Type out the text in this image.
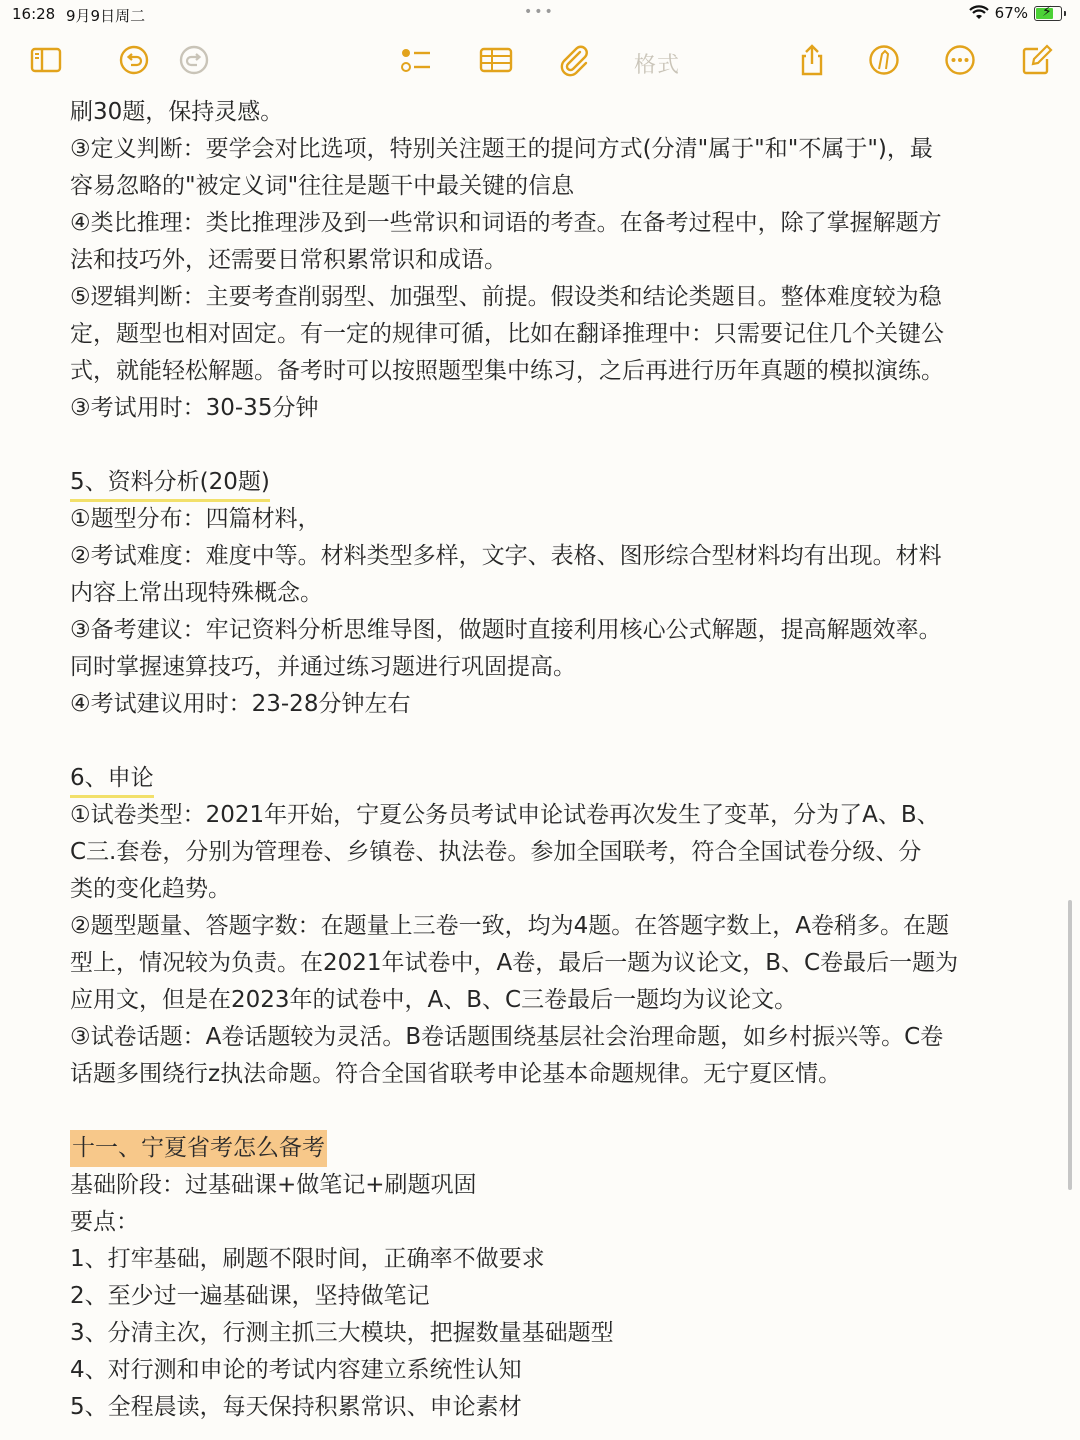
16:28 9月9日周二	•••	67% ⚡
格式
刷30题，保持灵感。
③定义判断：要学会对比选项，特别关注题王的提问方式(分清"属于"和"不属于")，最
容易忽略的"被定义词"往往是题干中最关键的信息
④类比推理：类比推理涉及到一些常识和词语的考查。在备考过程中，除了掌握解题方
法和技巧外，还需要日常积累常识和成语。
⑤逻辑判断：主要考查削弱型、加强型、前提。假设类和结论类题目。整体难度较为稳
定，题型也相对固定。有一定的规律可循，比如在翻译推理中：只需要记住几个关键公
式，就能轻松解题。备考时可以按照题型集中练习，之后再进行历年真题的模拟演练。
③考试用时：30-35分钟
5、资料分析(20题)
①题型分布：四篇材料，
②考试难度：难度中等。材料类型多样，文字、表格、图形综合型材料均有出现。材料
内容上常出现特殊概念。
③备考建议：牢记资料分析思维导图，做题时直接利用核心公式解题，提高解题效率。
同时掌握速算技巧，并通过练习题进行巩固提高。
④考试建议用时：23-28分钟左右
6、申论
①试卷类型：2021年开始，宁夏公务员考试申论试卷再次发生了变革，分为了A、B、
C三.套卷，分别为管理卷、乡镇卷、执法卷。参加全国联考，符合全国试卷分级、分
类的变化趋势。
②题型题量、答题字数：在题量上三卷一致，均为4题。在答题字数上，A卷稍多。在题
型上，情况较为负责。在2021年试卷中，A卷，最后一题为议论文，B、C卷最后一题为
应用文，但是在2023年的试卷中，A、B、C三卷最后一题均为议论文。
③试卷话题：A卷话题较为灵活。B卷话题围绕基层社会治理命题，如乡村振兴等。C卷
话题多围绕行z执法命题。符合全国省联考申论基本命题规律。无宁夏区情。
十一、宁夏省考怎么备考
基础阶段：过基础课+做笔记+刷题巩固
要点：
1、打牢基础，刷题不限时间，正确率不做要求
2、至少过一遍基础课，坚持做笔记
3、分清主次，行测主抓三大模块，把握数量基础题型
4、对行测和申论的考试内容建立系统性认知
5、全程晨读，每天保持积累常识、申论素材
